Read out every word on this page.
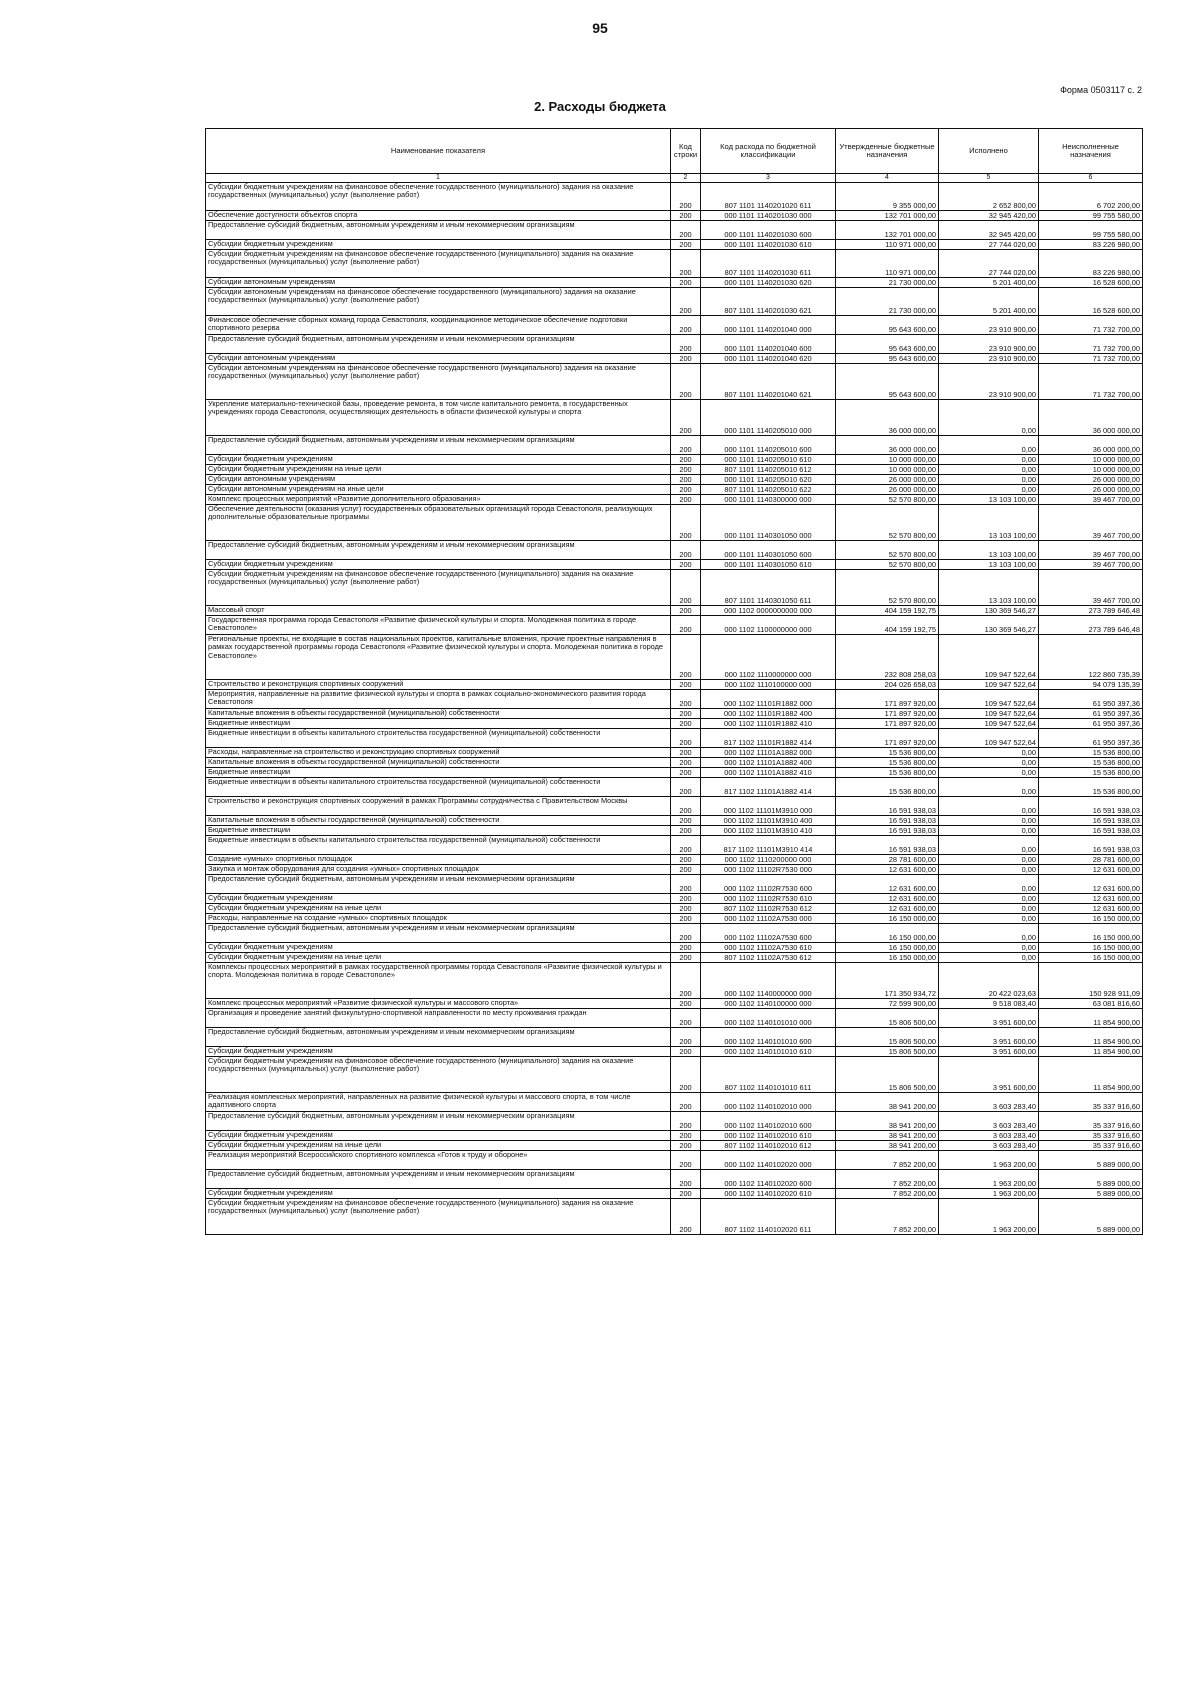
95
Форма 0503117 с. 2
2. Расходы бюджета
Наименование показателя	Код строки	Код расхода по бюджетной классификации	Утвержденные бюджетные назначения	Исполнено	Неисполненные назначения
1	2	3	4	5	6
Субсидии бюджетным учреждениям на финансовое обеспечение государственного (муниципального) задания на оказание государственных (муниципальных) услуг (выполнение работ)	200	807 1101 1140201020 611	9 355 000,00	2 652 800,00	6 702 200,00
Обеспечение доступности объектов спорта	200	000 1101 1140201030 000	132 701 000,00	32 945 420,00	99 755 580,00
Предоставление субсидий бюджетным, автономным учреждениям и иным некоммерческим организациям	200	000 1101 1140201030 600	132 701 000,00	32 945 420,00	99 755 580,00
Субсидии бюджетным учреждениям	200	000 1101 1140201030 610	110 971 000,00	27 744 020,00	83 226 980,00
Субсидии бюджетным учреждениям на финансовое обеспечение государственного (муниципального) задания на оказание государственных (муниципальных) услуг (выполнение работ)	200	807 1101 1140201030 611	110 971 000,00	27 744 020,00	83 226 980,00
Субсидии автономным учреждениям	200	000 1101 1140201030 620	21 730 000,00	5 201 400,00	16 528 600,00
Субсидии автономным учреждениям на финансовое обеспечение государственного (муниципального) задания на оказание государственных (муниципальных) услуг (выполнение работ)	200	807 1101 1140201030 621	21 730 000,00	5 201 400,00	16 528 600,00
Финансовое обеспечение сборных команд города Севастополя, координационное методическое обеспечение подготовки спортивного резерва	200	000 1101 1140201040 000	95 643 600,00	23 910 900,00	71 732 700,00
Предоставление субсидий бюджетным, автономным учреждениям и иным некоммерческим организациям	200	000 1101 1140201040 600	95 643 600,00	23 910 900,00	71 732 700,00
Субсидии автономным учреждениям	200	000 1101 1140201040 620	95 643 600,00	23 910 900,00	71 732 700,00
Субсидии автономным учреждениям на финансовое обеспечение государственного (муниципального) задания на оказание государственных (муниципальных) услуг (выполнение работ)	200	807 1101 1140201040 621	95 643 600,00	23 910 900,00	71 732 700,00
Укрепление материально-технической базы, проведение ремонта, в том числе капитального ремонта, в государственных учреждениях города Севастополя, осуществляющих деятельность в области физической культуры и спорта	200	000 1101 1140205010 000	36 000 000,00	0,00	36 000 000,00
Предоставление субсидий бюджетным, автономным учреждениям и иным некоммерческим организациям	200	000 1101 1140205010 600	36 000 000,00	0,00	36 000 000,00
Субсидии бюджетным учреждениям	200	000 1101 1140205010 610	10 000 000,00	0,00	10 000 000,00
Субсидии бюджетным учреждениям на иные цели	200	807 1101 1140205010 612	10 000 000,00	0,00	10 000 000,00
Субсидии автономным учреждениям	200	000 1101 1140205010 620	26 000 000,00	0,00	26 000 000,00
Субсидии автономным учреждениям на иные цели	200	807 1101 1140205010 622	26 000 000,00	0,00	26 000 000,00
Комплекс процессных мероприятий «Развитие дополнительного образования»	200	000 1101 1140300000 000	52 570 800,00	13 103 100,00	39 467 700,00
Обеспечение деятельности (оказания услуг) государственных образовательных организаций города Севастополя, реализующих дополнительные образовательные программы	200	000 1101 1140301050 000	52 570 800,00	13 103 100,00	39 467 700,00
Предоставление субсидий бюджетным, автономным учреждениям и иным некоммерческим организациям	200	000 1101 1140301050 600	52 570 800,00	13 103 100,00	39 467 700,00
Субсидии бюджетным учреждениям	200	000 1101 1140301050 610	52 570 800,00	13 103 100,00	39 467 700,00
Субсидии бюджетным учреждениям на финансовое обеспечение государственного (муниципального) задания на оказание государственных (муниципальных) услуг (выполнение работ)	200	807 1101 1140301050 611	52 570 800,00	13 103 100,00	39 467 700,00
Массовый спорт	200	000 1102 0000000000 000	404 159 192,75	130 369 546,27	273 789 646,48
Государственная программа города Севастополя «Развитие физической культуры и спорта. Молодежная политика в городе Севастополе»	200	000 1102 1100000000 000	404 159 192,75	130 369 546,27	273 789 646,48
Региональные проекты, не входящие в состав национальных проектов, капитальные вложения, прочие проектные направления в рамках государственной программы города Севастополя «Развитие физической культуры и спорта. Молодежная политика в городе Севастополе»	200	000 1102 1110000000 000	232 808 258,03	109 947 522,64	122 860 735,39
Строительство и реконструкция спортивных сооружений	200	000 1102 1110100000 000	204 026 658,03	109 947 522,64	94 079 135,39
Мероприятия, направленные на развитие физической культуры и спорта в рамках социально-экономического развития города Севастополя	200	000 1102 11101R1882 000	171 897 920,00	109 947 522,64	61 950 397,36
Капитальные вложения в объекты государственной (муниципальной) собственности	200	000 1102 11101R1882 400	171 897 920,00	109 947 522,64	61 950 397,36
Бюджетные инвестиции	200	000 1102 11101R1882 410	171 897 920,00	109 947 522,64	61 950 397,36
Бюджетные инвестиции в объекты капитального строительства государственной (муниципальной) собственности	200	817 1102 11101R1882 414	171 897 920,00	109 947 522,64	61 950 397,36
Расходы, направленные на строительство и реконструкцию спортивных сооружений	200	000 1102 11101A1882 000	15 536 800,00	0,00	15 536 800,00
Капитальные вложения в объекты государственной (муниципальной) собственности	200	000 1102 11101A1882 400	15 536 800,00	0,00	15 536 800,00
Бюджетные инвестиции	200	000 1102 11101A1882 410	15 536 800,00	0,00	15 536 800,00
Бюджетные инвестиции в объекты капитального строительства государственной (муниципальной) собственности	200	817 1102 11101A1882 414	15 536 800,00	0,00	15 536 800,00
Строительство и реконструкция спортивных сооружений в рамках Программы сотрудничества с Правительством Москвы	200	000 1102 11101M3910 000	16 591 938,03	0,00	16 591 938,03
Капитальные вложения в объекты государственной (муниципальной) собственности	200	000 1102 11101M3910 400	16 591 938,03	0,00	16 591 938,03
Бюджетные инвестиции	200	000 1102 11101M3910 410	16 591 938,03	0,00	16 591 938,03
Бюджетные инвестиции в объекты капитального строительства государственной (муниципальной) собственности	200	817 1102 11101M3910 414	16 591 938,03	0,00	16 591 938,03
Создание «умных» спортивных площадок	200	000 1102 1110200000 000	28 781 600,00	0,00	28 781 600,00
Закупка и монтаж оборудования для создания «умных» спортивных площадок	200	000 1102 11102R7530 000	12 631 600,00	0,00	12 631 600,00
Предоставление субсидий бюджетным, автономным учреждениям и иным некоммерческим организациям	200	000 1102 11102R7530 600	12 631 600,00	0,00	12 631 600,00
Субсидии бюджетным учреждениям	200	000 1102 11102R7530 610	12 631 600,00	0,00	12 631 600,00
Субсидии бюджетным учреждениям на иные цели	200	807 1102 11102R7530 612	12 631 600,00	0,00	12 631 600,00
Расходы, направленные на создание «умных» спортивных площадок	200	000 1102 11102A7530 000	16 150 000,00	0,00	16 150 000,00
Предоставление субсидий бюджетным, автономным учреждениям и иным некоммерческим организациям	200	000 1102 11102A7530 600	16 150 000,00	0,00	16 150 000,00
Субсидии бюджетным учреждениям	200	000 1102 11102A7530 610	16 150 000,00	0,00	16 150 000,00
Субсидии бюджетным учреждениям на иные цели	200	807 1102 11102A7530 612	16 150 000,00	0,00	16 150 000,00
Комплексы процессных мероприятий в рамках государственной программы города Севастополя «Развитие физической культуры и спорта. Молодежная политика в городе Севастополе»	200	000 1102 1140000000 000	171 350 934,72	20 422 023,63	150 928 911,09
Комплекс процессных мероприятий «Развитие физической культуры и массового спорта»	200	000 1102 1140100000 000	72 599 900,00	9 518 083,40	63 081 816,60
Организация и проведение занятий физкультурно-спортивной направленности по месту проживания граждан	200	000 1102 1140101010 000	15 806 500,00	3 951 600,00	11 854 900,00
Предоставление субсидий бюджетным, автономным учреждениям и иным некоммерческим организациям	200	000 1102 1140101010 600	15 806 500,00	3 951 600,00	11 854 900,00
Субсидии бюджетным учреждениям	200	000 1102 1140101010 610	15 806 500,00	3 951 600,00	11 854 900,00
Субсидии бюджетным учреждениям на финансовое обеспечение государственного (муниципального) задания на оказание государственных (муниципальных) услуг (выполнение работ)	200	807 1102 1140101010 611	15 806 500,00	3 951 600,00	11 854 900,00
Реализация комплексных мероприятий, направленных на развитие физической культуры и массового спорта, в том числе адаптивного спорта	200	000 1102 1140102010 000	38 941 200,00	3 603 283,40	35 337 916,60
Предоставление субсидий бюджетным, автономным учреждениям и иным некоммерческим организациям	200	000 1102 1140102010 600	38 941 200,00	3 603 283,40	35 337 916,60
Субсидии бюджетным учреждениям	200	000 1102 1140102010 610	38 941 200,00	3 603 283,40	35 337 916,60
Субсидии бюджетным учреждениям на иные цели	200	807 1102 1140102010 612	38 941 200,00	3 603 283,40	35 337 916,60
Реализация мероприятий Всероссийского спортивного комплекса «Готов к труду и обороне»	200	000 1102 1140102020 000	7 852 200,00	1 963 200,00	5 889 000,00
Предоставление субсидий бюджетным, автономным учреждениям и иным некоммерческим организациям	200	000 1102 1140102020 600	7 852 200,00	1 963 200,00	5 889 000,00
Субсидии бюджетным учреждениям	200	000 1102 1140102020 610	7 852 200,00	1 963 200,00	5 889 000,00
Субсидии бюджетным учреждениям на финансовое обеспечение государственного (муниципального) задания на оказание государственных (муниципальных) услуг (выполнение работ)	200	807 1102 1140102020 611	7 852 200,00	1 963 200,00	5 889 000,00
